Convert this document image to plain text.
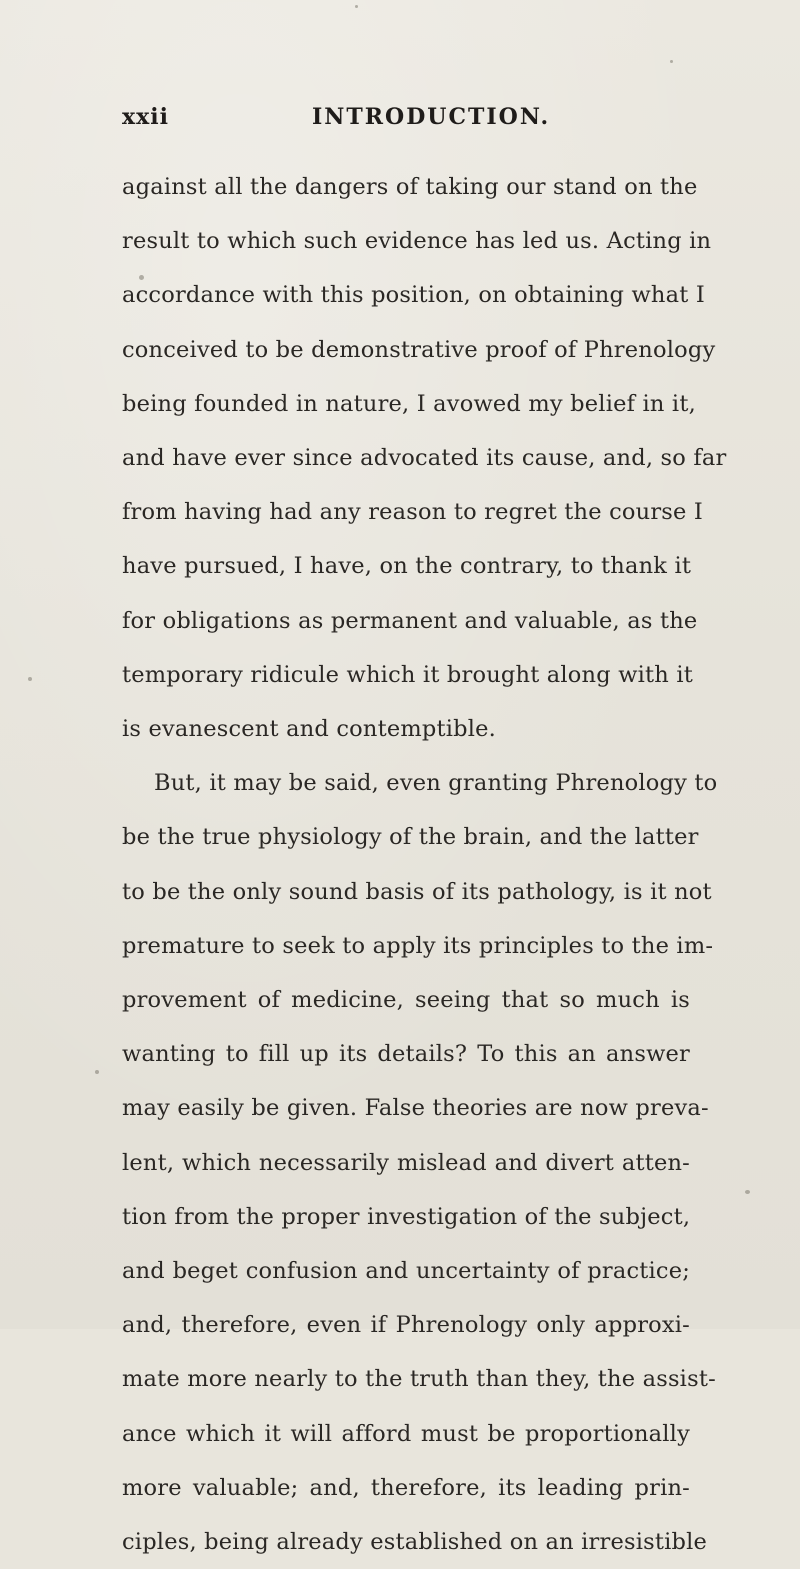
xxii	INTRODUCTION.
against all the dangers of taking our stand on the
result to which such evidence has led us. Acting in
accordance with this position, on obtaining what I
conceived to be demonstrative proof of Phrenology
being founded in nature, I avowed my belief in it,
and have ever since advocated its cause, and, so far
from having had any reason to regret the course I
have pursued, I have, on the contrary, to thank it
for obligations as permanent and valuable, as the
temporary ridicule which it brought along with it
is evanescent and contemptible.
But, it may be said, even granting Phrenology to
be the true physiology of the brain, and the latter
to be the only sound basis of its pathology, is it not
premature to seek to apply its principles to the im-
provement of medicine, seeing that so much is
wanting to fill up its details? To this an answer
may easily be given. False theories are now preva-
lent, which necessarily mislead and divert atten-
tion from the proper investigation of the subject,
and beget confusion and uncertainty of practice;
and, therefore, even if Phrenology only approxi-
mate more nearly to the truth than they, the assist-
ance which it will afford must be proportionally
more valuable; and, therefore, its leading prin-
ciples, being already established on an irresistible
